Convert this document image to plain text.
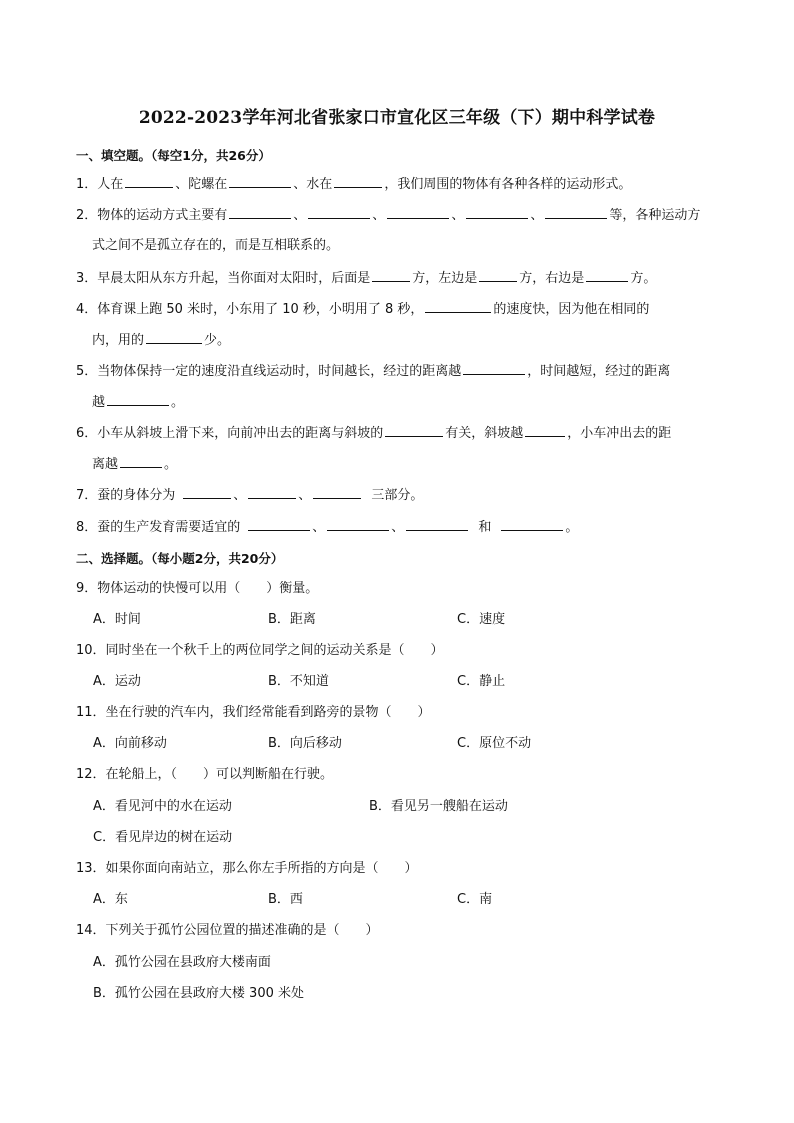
2022-2023学年河北省张家口市宣化区三年级（下）期中科学试卷
一、填空题。（每空1分，共26分）
1．人在	、陀螺在	、水在	，我们周围的物体有各种各样的运动形式。
2．物体的运动方式主要有	、	、	、	、	等，各种运动方
式之间不是孤立存在的，而是互相联系的。
3．早晨太阳从东方升起，当你面对太阳时，后面是	方，左边是	方，右边是	方。
4．体育课上跑 50 米时，小东用了 10 秒，小明用了 8 秒，	的速度快，因为他在相同的
内，用的	少。
5．当物体保持一定的速度沿直线运动时，时间越长，经过的距离越	，时间越短，经过的距离
越	。
6．小车从斜坡上滑下来，向前冲出去的距离与斜坡的	有关，斜坡越	，小车冲出去的距
离越	。
7．蚕的身体分为	、	、	三部分。
8．蚕的生产发育需要适宜的	、	、	和	。
二、选择题。（每小题2分，共20分）
9．物体运动的快慢可以用（　　）衡量。
A．时间	B．距离	C．速度
10．同时坐在一个秋千上的两位同学之间的运动关系是（　　）
A．运动	B．不知道	C．静止
11．坐在行驶的汽车内，我们经常能看到路旁的景物（　　）
A．向前移动	B．向后移动	C．原位不动
12．在轮船上，（　　）可以判断船在行驶。
A．看见河中的水在运动	B．看见另一艘船在运动
C．看见岸边的树在运动
13．如果你面向南站立，那么你左手所指的方向是（　　）
A．东	B．西	C．南
14．下列关于孤竹公园位置的描述准确的是（　　）
A．孤竹公园在县政府大楼南面
B．孤竹公园在县政府大楼 300 米处
